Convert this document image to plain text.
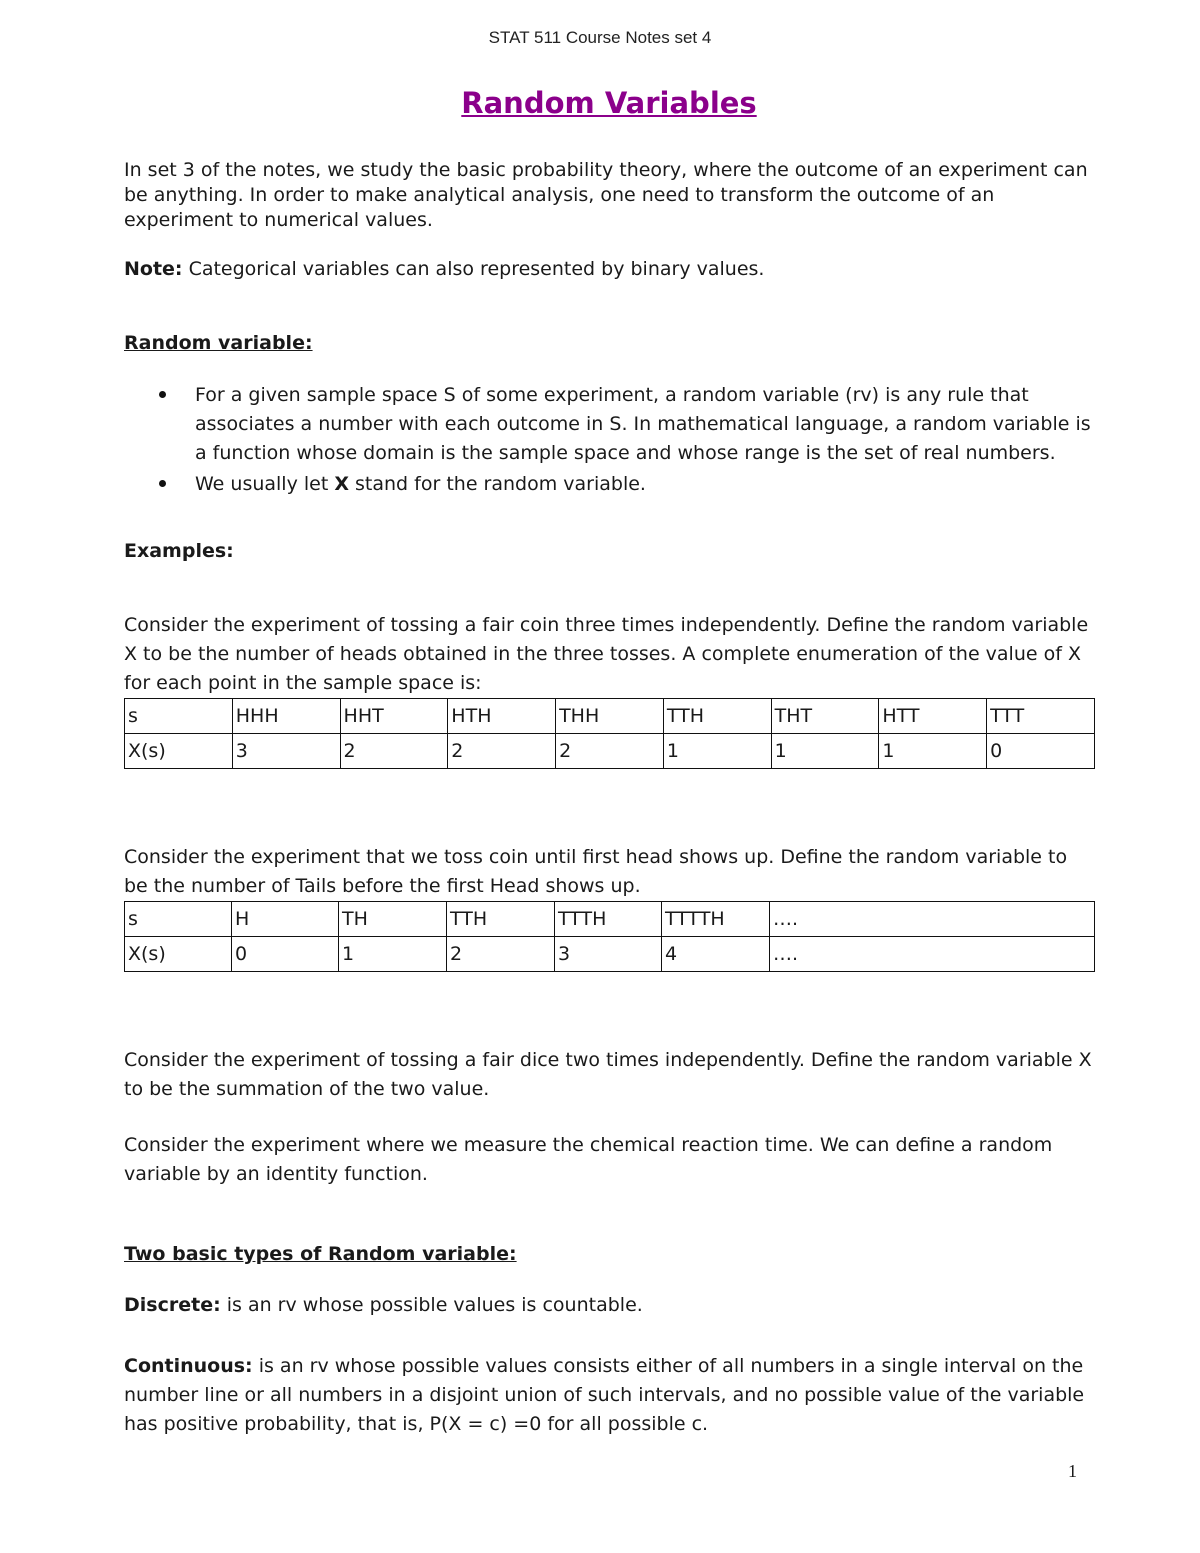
STAT 511 Course Notes set 4
Random Variables
In set 3 of the notes, we study the basic probability theory, where the outcome of an experiment can be anything. In order to make analytical analysis, one need to transform the outcome of an experiment to numerical values.
Note: Categorical variables can also represented by binary values.
Random variable:
For a given sample space S of some experiment, a random variable (rv) is any rule that associates a number with each outcome in S. In mathematical language, a random variable is a function whose domain is the sample space and whose range is the set of real numbers.
We usually let X stand for the random variable.
Examples:
Consider the experiment of tossing a fair coin three times independently. Define the random variable X to be the number of heads obtained in the three tosses. A complete enumeration of the value of X for each point in the sample space is:
s	HHH	HHT	HTH	THH	TTH	THT	HTT	TTT
X(s)	3	2	2	2	1	1	1	0
Consider the experiment that we toss coin until first head shows up. Define the random variable to be the number of Tails before the first Head shows up.
s	H	TH	TTH	TTTH	TTTTH	….
X(s)	0	1	2	3	4	….
Consider the experiment of tossing a fair dice two times independently. Define the random variable X to be the summation of the two value.
Consider the experiment where we measure the chemical reaction time. We can define a random variable by an identity function.
Two basic types of Random variable:
Discrete: is an rv whose possible values is countable.
Continuous: is an rv whose possible values consists either of all numbers in a single interval on the number line or all numbers in a disjoint union of such intervals, and no possible value of the variable has positive probability, that is, P(X = c) =0 for all possible c.
1
